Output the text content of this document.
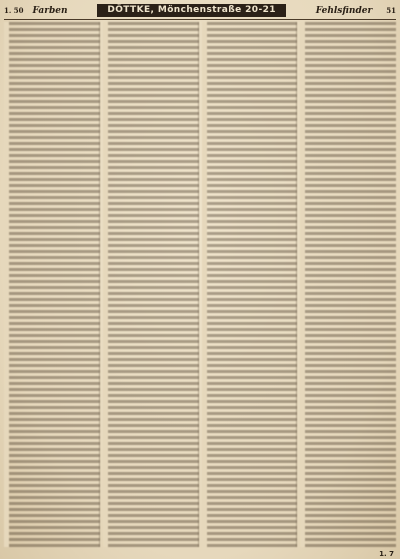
1. 50 Farben	DÖTTKE, Mönchenstraße 20-21	Fehlsfinder 51
1. 7
